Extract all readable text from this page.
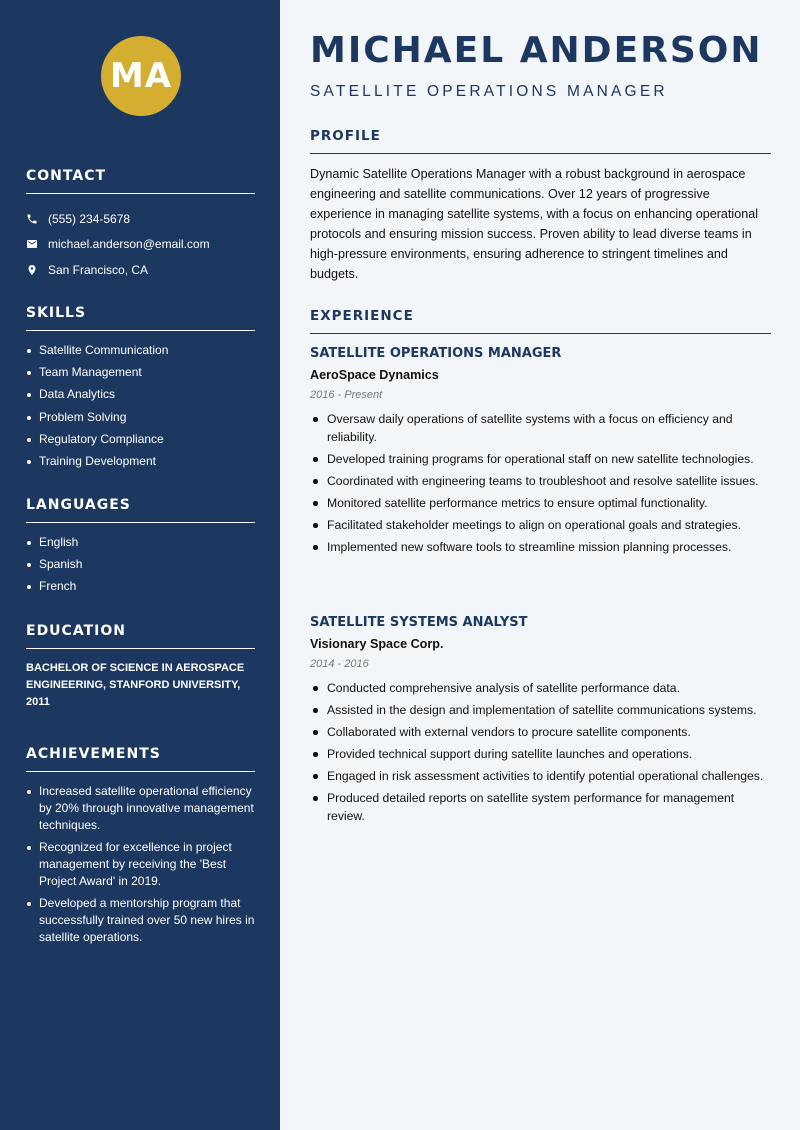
MA
CONTACT
(555) 234-5678
michael.anderson@email.com
San Francisco, CA
SKILLS
Satellite Communication
Team Management
Data Analytics
Problem Solving
Regulatory Compliance
Training Development
LANGUAGES
English
Spanish
French
EDUCATION
BACHELOR OF SCIENCE IN AEROSPACE ENGINEERING, STANFORD UNIVERSITY, 2011
ACHIEVEMENTS
Increased satellite operational efficiency by 20% through innovative management techniques.
Recognized for excellence in project management by receiving the 'Best Project Award' in 2019.
Developed a mentorship program that successfully trained over 50 new hires in satellite operations.
MICHAEL ANDERSON
SATELLITE OPERATIONS MANAGER
PROFILE
Dynamic Satellite Operations Manager with a robust background in aerospace engineering and satellite communications. Over 12 years of progressive experience in managing satellite systems, with a focus on enhancing operational protocols and ensuring mission success. Proven ability to lead diverse teams in high-pressure environments, ensuring adherence to stringent timelines and budgets.
EXPERIENCE
SATELLITE OPERATIONS MANAGER
AeroSpace Dynamics
2016 - Present
Oversaw daily operations of satellite systems with a focus on efficiency and reliability.
Developed training programs for operational staff on new satellite technologies.
Coordinated with engineering teams to troubleshoot and resolve satellite issues.
Monitored satellite performance metrics to ensure optimal functionality.
Facilitated stakeholder meetings to align on operational goals and strategies.
Implemented new software tools to streamline mission planning processes.
SATELLITE SYSTEMS ANALYST
Visionary Space Corp.
2014 - 2016
Conducted comprehensive analysis of satellite performance data.
Assisted in the design and implementation of satellite communications systems.
Collaborated with external vendors to procure satellite components.
Provided technical support during satellite launches and operations.
Engaged in risk assessment activities to identify potential operational challenges.
Produced detailed reports on satellite system performance for management review.
